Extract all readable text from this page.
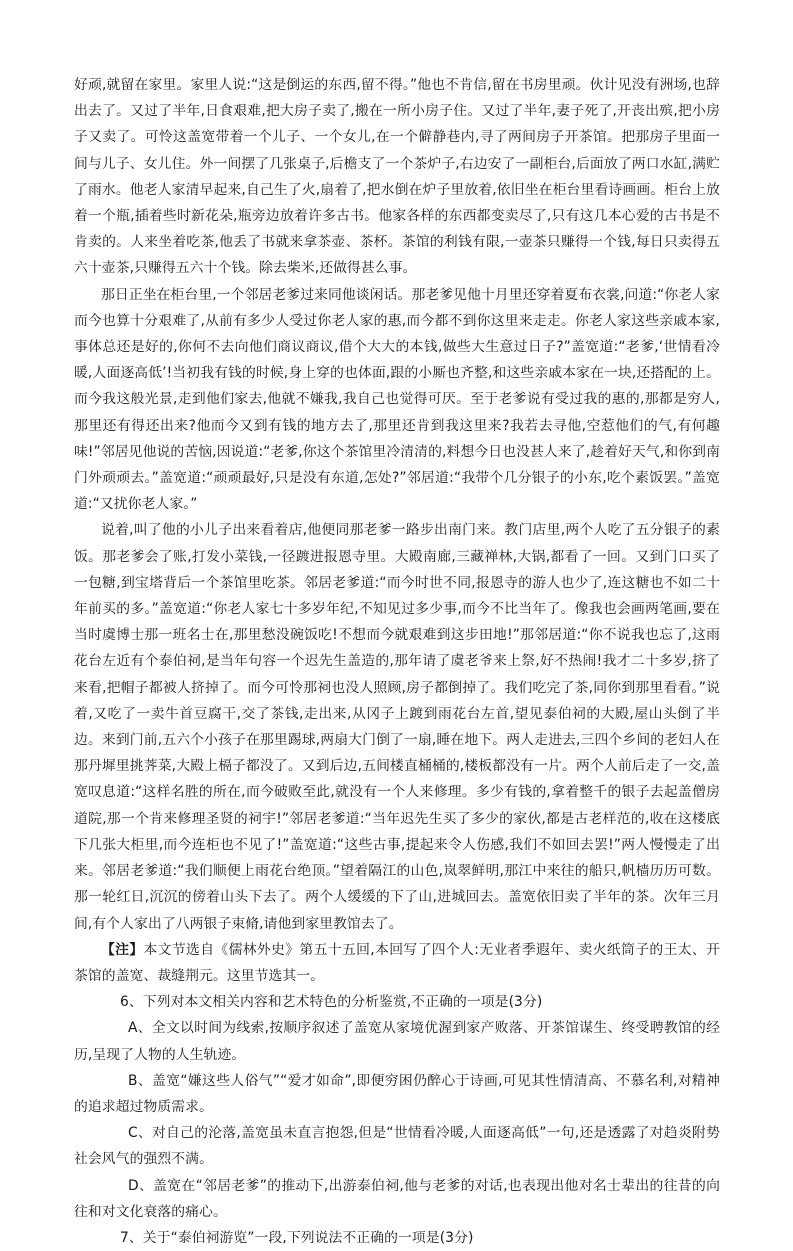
好顽,就留在家里。家里人说:“这是倒运的东西,留不得。”他也不肯信,留在书房里顽。伙计见没有洲场,也辞出去了。又过了半年,日食艰难,把大房子卖了,搬在一所小房子住。又过了半年,妻子死了,开丧出殡,把小房子又卖了。可怜这盖宽带着一个儿子、一个女儿,在一个僻静巷内,寻了两间房子开茶馆。把那房子里面一间与儿子、女儿住。外一间摆了几张桌子,后檐支了一个茶炉子,右边安了一副柜台,后面放了两口水缸,满贮了雨水。他老人家清早起来,自己生了火,扇着了,把水倒在炉子里放着,依旧坐在柜台里看诗画画。柜台上放着一个瓶,插着些时新花朵,瓶旁边放着许多古书。他家各样的东西都变卖尽了,只有这几本心爱的古书是不肯卖的。人来坐着吃茶,他丢了书就来拿茶壶、茶杯。茶馆的利钱有限,一壶茶只赚得一个钱,每日只卖得五六十壶茶,只赚得五六十个钱。除去柴米,还做得甚么事。

那日正坐在柜台里,一个邻居老爹过来同他谈闲话。那老爹见他十月里还穿着夏布衣裳,问道:“你老人家而今也算十分艰难了,从前有多少人受过你老人家的惠,而今都不到你这里来走走。你老人家这些亲戚本家,事体总还是好的,你何不去向他们商议商议,借个大大的本钱,做些大生意过日子?”盖宽道:“老爹,‘世情看冷暖,人面逐高低’!当初我有钱的时候,身上穿的也体面,跟的小厮也齐整,和这些亲戚本家在一块,还搭配的上。而今我这般光景,走到他们家去,他就不嫌我,我自己也觉得可厌。至于老爹说有受过我的惠的,那都是穷人,那里还有得还出来?他而今又到有钱的地方去了,那里还肯到我这里来?我若去寻他,空惹他们的气,有何趣味!”邻居见他说的苦恼,因说道:“老爹,你这个茶馆里冷清清的,料想今日也没甚人来了,趁着好天气,和你到南门外顽顽去。”盖宽道:“顽顽最好,只是没有东道,怎处?”邻居道:“我带个几分银子的小东,吃个素饭罢。”盖宽道:“又扰你老人家。”

说着,叫了他的小儿子出来看着店,他便同那老爹一路步出南门来。教门店里,两个人吃了五分银子的素饭。那老爹会了账,打发小菜钱,一径踱进报恩寺里。大殿南廊,三藏禅林,大锅,都看了一回。又到门口买了一包糖,到宝塔背后一个茶馆里吃茶。邻居老爹道:“而今时世不同,报恩寺的游人也少了,连这糖也不如二十年前买的多。”盖宽道:“你老人家七十多岁年纪,不知见过多少事,而今不比当年了。像我也会画两笔画,要在当时虞博士那一班名士在,那里愁没碗饭吃!不想而今就艰难到这步田地!”那邻居道:“你不说我也忘了,这雨花台左近有个泰伯祠,是当年句容一个迟先生盖造的,那年请了虞老爷来上祭,好不热闹!我才二十多岁,挤了来看,把帽子都被人挤掉了。而今可怜那祠也没人照顾,房子都倒掉了。我们吃完了茶,同你到那里看看。”说着,又吃了一卖牛首豆腐干,交了茶钱,走出来,从冈子上踱到雨花台左首,望见泰伯祠的大殿,屋山头倒了半边。来到门前,五六个小孩子在那里踢球,两扇大门倒了一扇,睡在地下。两人走进去,三四个乡间的老妇人在那丹墀里挑荠菜,大殿上槅子都没了。又到后边,五间楼直桶桶的,楼板都没有一片。两个人前后走了一交,盖宽叹息道:“这样名胜的所在,而今破败至此,就没有一个人来修理。多少有钱的,拿着整千的银子去起盖僧房道院,那一个肯来修理圣贤的祠宇!”邻居老爹道:“当年迟先生买了多少的家伙,都是古老样范的,收在这楼底下几张大柜里,而今连柜也不见了!”盖宽道:“这些古事,提起来令人伤感,我们不如回去罢!”两人慢慢走了出来。邻居老爹道:“我们顺便上雨花台绝顶。”望着隔江的山色,岚翠鲜明,那江中来往的船只,帆樯历历可数。那一轮红日,沉沉的傍着山头下去了。两个人缓缓的下了山,进城回去。盖宽依旧卖了半年的茶。次年三月间,有个人家出了八两银子束脩,请他到家里教馆去了。

【注】本文节选自《儒林外史》第五十五回,本回写了四个人:无业者季遐年、卖火纸筒子的王太、开茶馆的盖宽、裁缝荆元。这里节选其一。

6、下列对本文相关内容和艺术特色的分析鉴赏,不正确的一项是(3分)

A、全文以时间为线索,按顺序叙述了盖宽从家境优渥到家产败落、开茶馆谋生、终受聘教馆的经历,呈现了人物的人生轨迹。

B、盖宽“嫌这些人俗气”“爱才如命”,即便穷困仍醉心于诗画,可见其性情清高、不慕名利,对精神的追求超过物质需求。

C、对自己的沦落,盖宽虽未直言抱怨,但是“世情看冷暖,人面逐高低”一句,还是透露了对趋炎附势社会风气的强烈不满。

D、盖宽在“邻居老爹”的推动下,出游泰伯祠,他与老爹的对话,也表现出他对名士辈出的往昔的向往和对文化衰落的痛心。

7、关于“泰伯祠游览”一段,下列说法不正确的一项是(3分)
